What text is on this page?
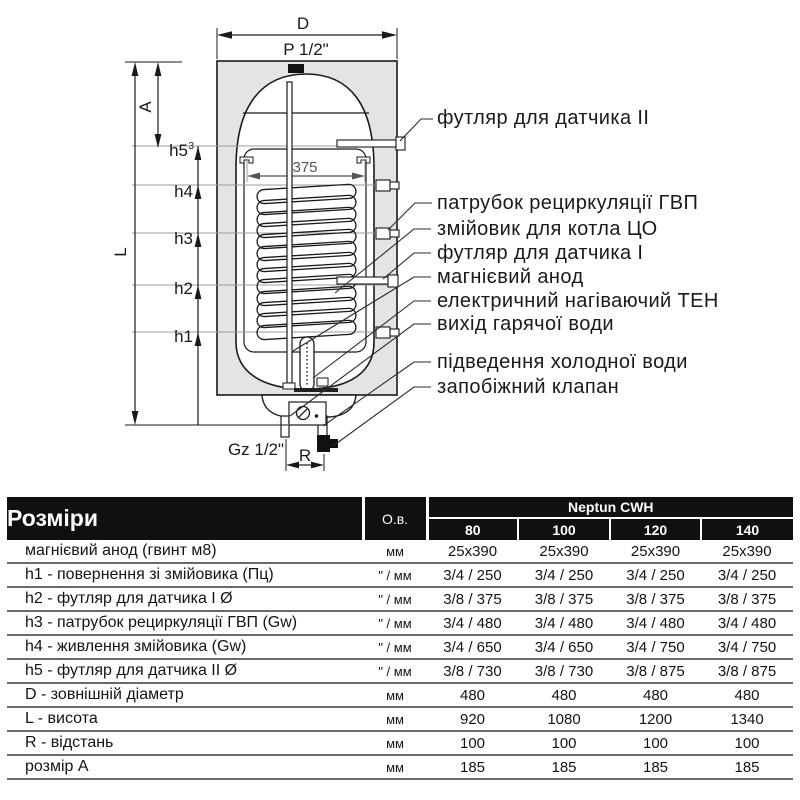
375
D
P 1/2"
A
L
h5 3
h4
h3
h2
h1
Gz 1/2" R
футляр для датчика II
патрубок рециркуляції ГВП
змійовик для котла ЦО
футляр для датчика I
магнієвий анод
електричний нагіваючий ТЕН
вихід гарячої води
підведення холодної води
запобіжний клапан
Розміри	О.в.	Neptun CWH			
		80	100	120	140
магнієвий анод (гвинт м8)	мм	25x390	25x390	25x390	25x390
h1 - повернення зі змійовика (Пц)	" / мм	3/4 / 250	3/4 / 250	3/4 / 250	3/4 / 250
h2 - футляр для датчика I Ø	" / мм	3/8 / 375	3/8 / 375	3/8 / 375	3/8 / 375
h3 - патрубок рециркуляції ГВП (Gw)	" / мм	3/4 / 480	3/4 / 480	3/4 / 480	3/4 / 480
h4 - живлення змійовика (Gw)	" / мм	3/4 / 650	3/4 / 650	3/4 / 750	3/4 / 750
h5 - футляр для датчика II Ø	" / мм	3/8 / 730	3/8 / 730	3/8 / 875	3/8 / 875
D - зовнішній діаметр	мм	480	480	480	480
L - висота	мм	920	1080	1200	1340
R - відстань	мм	100	100	100	100
розмір A	мм	185	185	185	185
